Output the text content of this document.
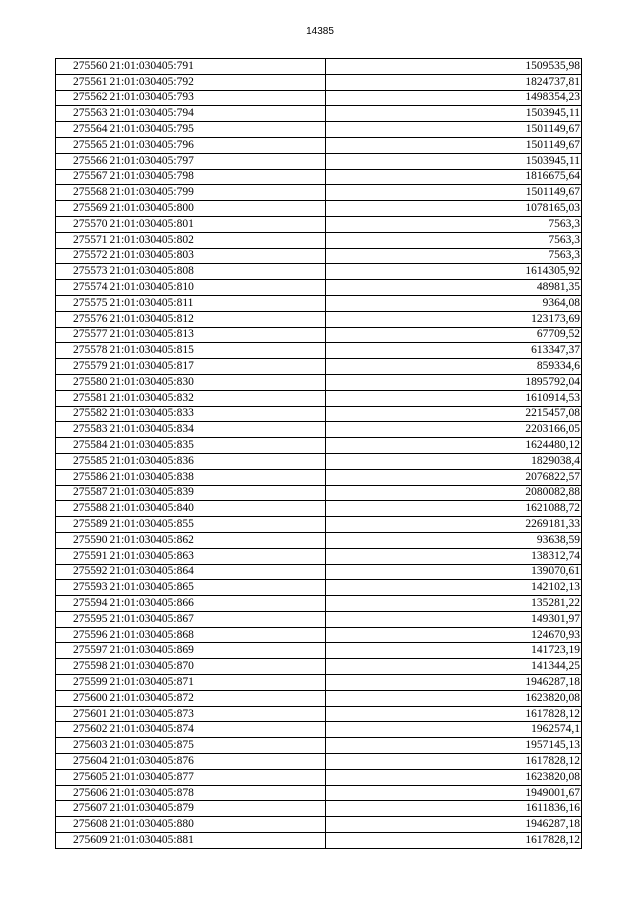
14385
275560	21:01:030405:791	1509535,98
275561	21:01:030405:792	1824737,81
275562	21:01:030405:793	1498354,23
275563	21:01:030405:794	1503945,11
275564	21:01:030405:795	1501149,67
275565	21:01:030405:796	1501149,67
275566	21:01:030405:797	1503945,11
275567	21:01:030405:798	1816675,64
275568	21:01:030405:799	1501149,67
275569	21:01:030405:800	1078165,03
275570	21:01:030405:801	7563,3
275571	21:01:030405:802	7563,3
275572	21:01:030405:803	7563,3
275573	21:01:030405:808	1614305,92
275574	21:01:030405:810	48981,35
275575	21:01:030405:811	9364,08
275576	21:01:030405:812	123173,69
275577	21:01:030405:813	67709,52
275578	21:01:030405:815	613347,37
275579	21:01:030405:817	859334,6
275580	21:01:030405:830	1895792,04
275581	21:01:030405:832	1610914,53
275582	21:01:030405:833	2215457,08
275583	21:01:030405:834	2203166,05
275584	21:01:030405:835	1624480,12
275585	21:01:030405:836	1829038,4
275586	21:01:030405:838	2076822,57
275587	21:01:030405:839	2080082,88
275588	21:01:030405:840	1621088,72
275589	21:01:030405:855	2269181,33
275590	21:01:030405:862	93638,59
275591	21:01:030405:863	138312,74
275592	21:01:030405:864	139070,61
275593	21:01:030405:865	142102,13
275594	21:01:030405:866	135281,22
275595	21:01:030405:867	149301,97
275596	21:01:030405:868	124670,93
275597	21:01:030405:869	141723,19
275598	21:01:030405:870	141344,25
275599	21:01:030405:871	1946287,18
275600	21:01:030405:872	1623820,08
275601	21:01:030405:873	1617828,12
275602	21:01:030405:874	1962574,1
275603	21:01:030405:875	1957145,13
275604	21:01:030405:876	1617828,12
275605	21:01:030405:877	1623820,08
275606	21:01:030405:878	1949001,67
275607	21:01:030405:879	1611836,16
275608	21:01:030405:880	1946287,18
275609	21:01:030405:881	1617828,12
